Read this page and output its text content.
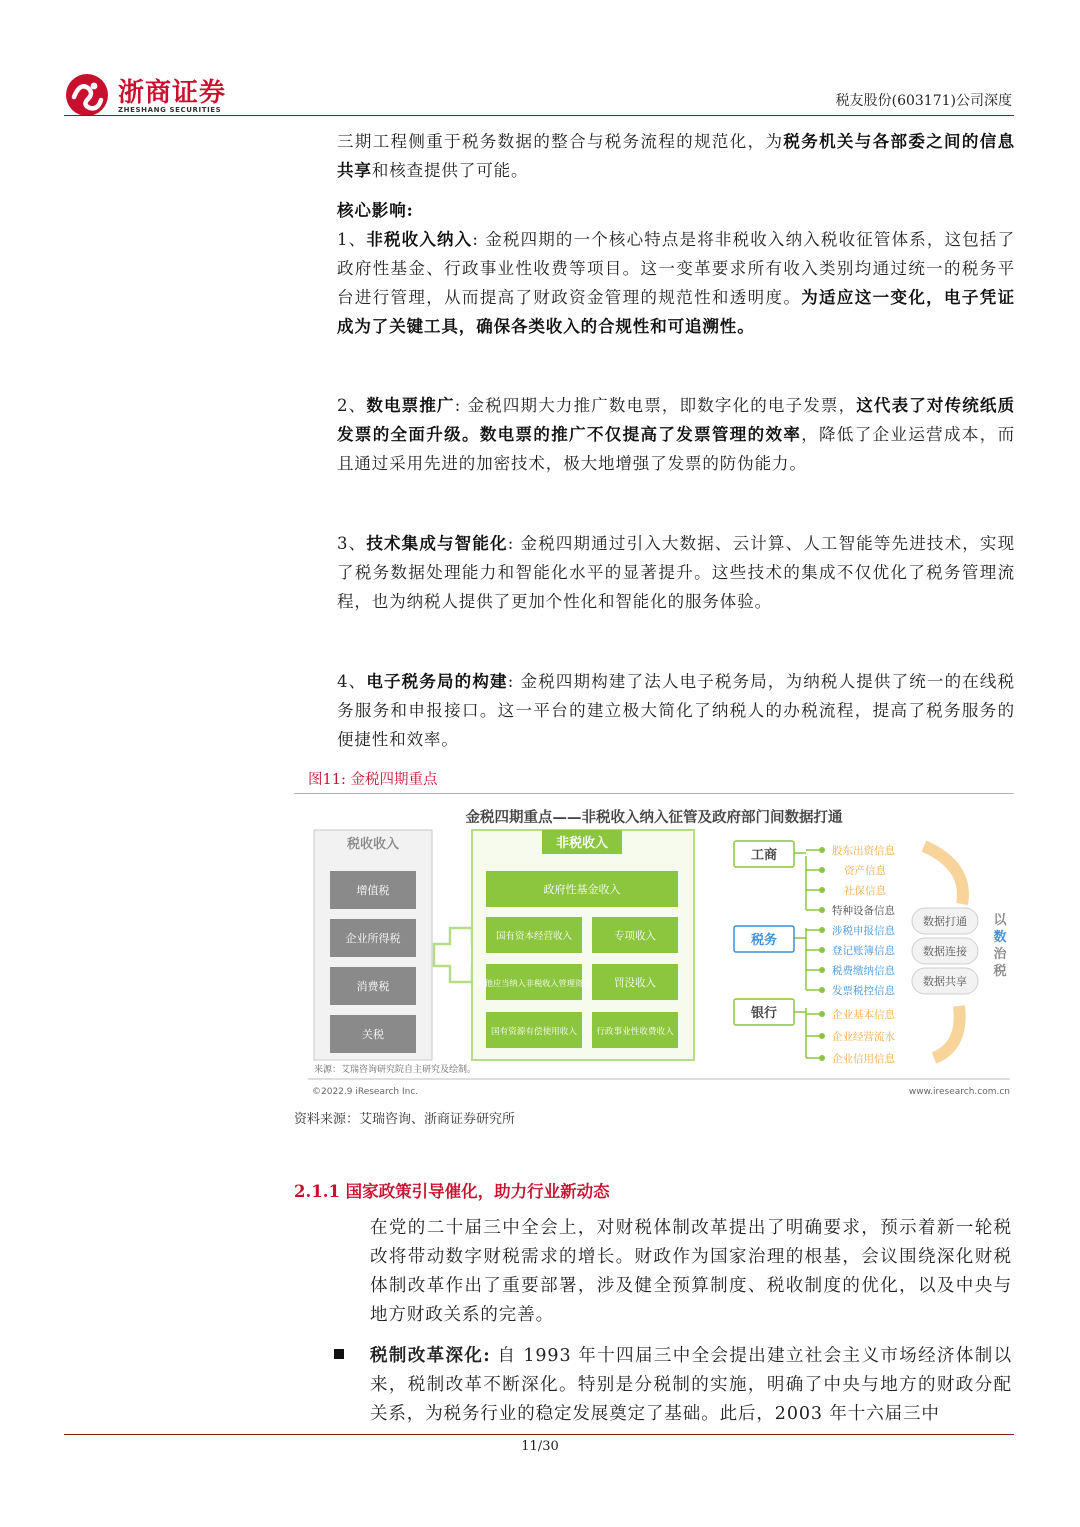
浙商证券
ZHESHANG SECURITIES
税友股份(603171)公司深度
三期工程侧重于税务数据的整合与税务流程的规范化，为税务机关与各部委之间的信息共享和核查提供了可能。
核心影响:
1、非税收入纳入: 金税四期的一个核心特点是将非税收入纳入税收征管体系，这包括了政府性基金、行政事业性收费等项目。这一变革要求所有收入类别均通过统一的税务平台进行管理，从而提高了财政资金管理的规范性和透明度。为适应这一变化，电子凭证成为了关键工具，确保各类收入的合规性和可追溯性。
2、数电票推广: 金税四期大力推广数电票，即数字化的电子发票，这代表了对传统纸质发票的全面升级。数电票的推广不仅提高了发票管理的效率，降低了企业运营成本，而且通过采用先进的加密技术，极大地增强了发票的防伪能力。
3、技术集成与智能化: 金税四期通过引入大数据、云计算、人工智能等先进技术，实现了税务数据处理能力和智能化水平的显著提升。这些技术的集成不仅优化了税务管理流程，也为纳税人提供了更加个性化和智能化的服务体验。
4、电子税务局的构建: 金税四期构建了法人电子税务局，为纳税人提供了统一的在线税务服务和申报接口。这一平台的建立极大简化了纳税人的办税流程，提高了税务服务的便捷性和效率。
图11: 金税四期重点
金税四期重点——非税收入纳入征管及政府部门间数据打通
税收收入
增值税
企业所得税
消费税
关税
非税收入
政府性基金收入
国有资本经营收入	专项收入
其他应当纳入非税收入管理资金 罚没收入
国有资源有偿使用收入 行政事业性收费收入
工商
税务
银行
股东出资信息
资产信息
社保信息
特种设备信息
涉税申报信息
登记账簿信息
税费缴纳信息
发票税控信息
企业基本信息
企业经营流水
企业信用信息
数据打通
数据连接
数据共享
以
数
治
税
来源：艾瑞咨询研究院自主研究及绘制。
©2022.9 iResearch Inc.	www.iresearch.com.cn
资料来源：艾瑞咨询、浙商证券研究所
2.1.1 国家政策引导催化，助力行业新动态
在党的二十届三中全会上，对财税体制改革提出了明确要求，预示着新一轮税改将带动数字财税需求的增长。财政作为国家治理的根基，会议围绕深化财税体制改革作出了重要部署，涉及健全预算制度、税收制度的优化，以及中央与地方财政关系的完善。
税制改革深化: 自 1993 年十四届三中全会提出建立社会主义市场经济体制以来，税制改革不断深化。特别是分税制的实施，明确了中央与地方的财政分配关系，为税务行业的稳定发展奠定了基础。此后，2003 年十六届三中
11/30
